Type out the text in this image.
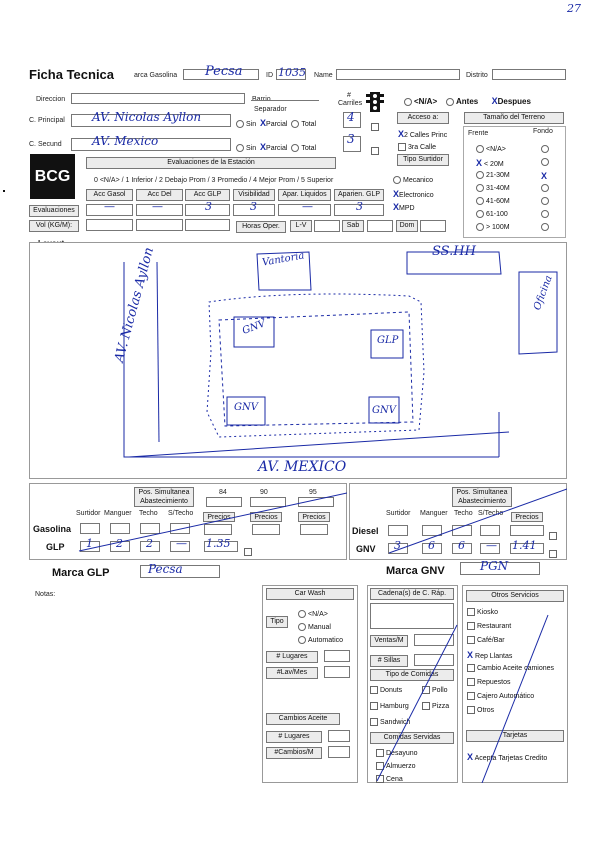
27
Ficha Tecnica	arca Gasolina Pecsa	ID 1035 Name	Distrito
Direccion
Separador
# Carriles
C. Principal AV. Nicolas Ayllon
Sin XParcial Total
4
C. Secund	AV. Mexico
Sin XParcial Total
3
<N/A> Antes XDespues
BCG
Evaluaciones de la Estación
0 <N/A> / 1 Inferior / 2 Debajo Prom / 3 Promedio / 4 Mejor Prom / 5 Superior
Acc Gasol	Acc Del	Acc GLP	Visibilidad	Apar. Liquidos	Aparien. GLP
Evaluaciones	—	—	3	3	—	3
Vol (KG/M):	Horas Oper.	L-V	Sab	Dom
Acceso a:
X2 Calles Princ
3ra Calle
Tipo Surtidor
Mecanico
XElectronico
XMPD
Tamaño del Terreno
Frente	Fondo
Vantoria	SS.HH
GNV
GLP
GNV	GNV
AV. Nicolas Ayllon
AV. MEXICO
Oficina
Pos. Simultanea Abastecimiento
84	90	95
Surtidor Manguer Techo S/Techo
Precios	Precios	Precios
Gasolina
GLP 1 2 2 — 1.35
Pos. Simultanea Abastecimiento
Surtidor Manguer Techo S/Techo
Precios
Diesel
GNV 3 6 6 — 1.41
Marca GLP	Pecsa	Marca GNV	PGN
Notas:	Car Wash
Tipo
<N/A>
Manual
Automatico
# Lugares
#Lav/Mes
Cambios Aceite
# Lugares
#Cambios/M
Cadena(s) de C. Ráp.
Ventas/M
# Sillas
Tipo de Comidas
Donuts	Pollo
Hamburg	Pizza
Sandwich
Comidas Servidas
Desayuno
Almuerzo
Cena
Otros Servicios
Tarjetas
X Acepta Tarjetas Credito
<N/A>
X < 20M
21-30M	X
31-40M
41-60M
61-100
> 100M
Kiosko
Restaurant
Café/Bar
X Rep Llantas
Cambio Aceite camiones
Repuestos
Cajero Automático
Otros
